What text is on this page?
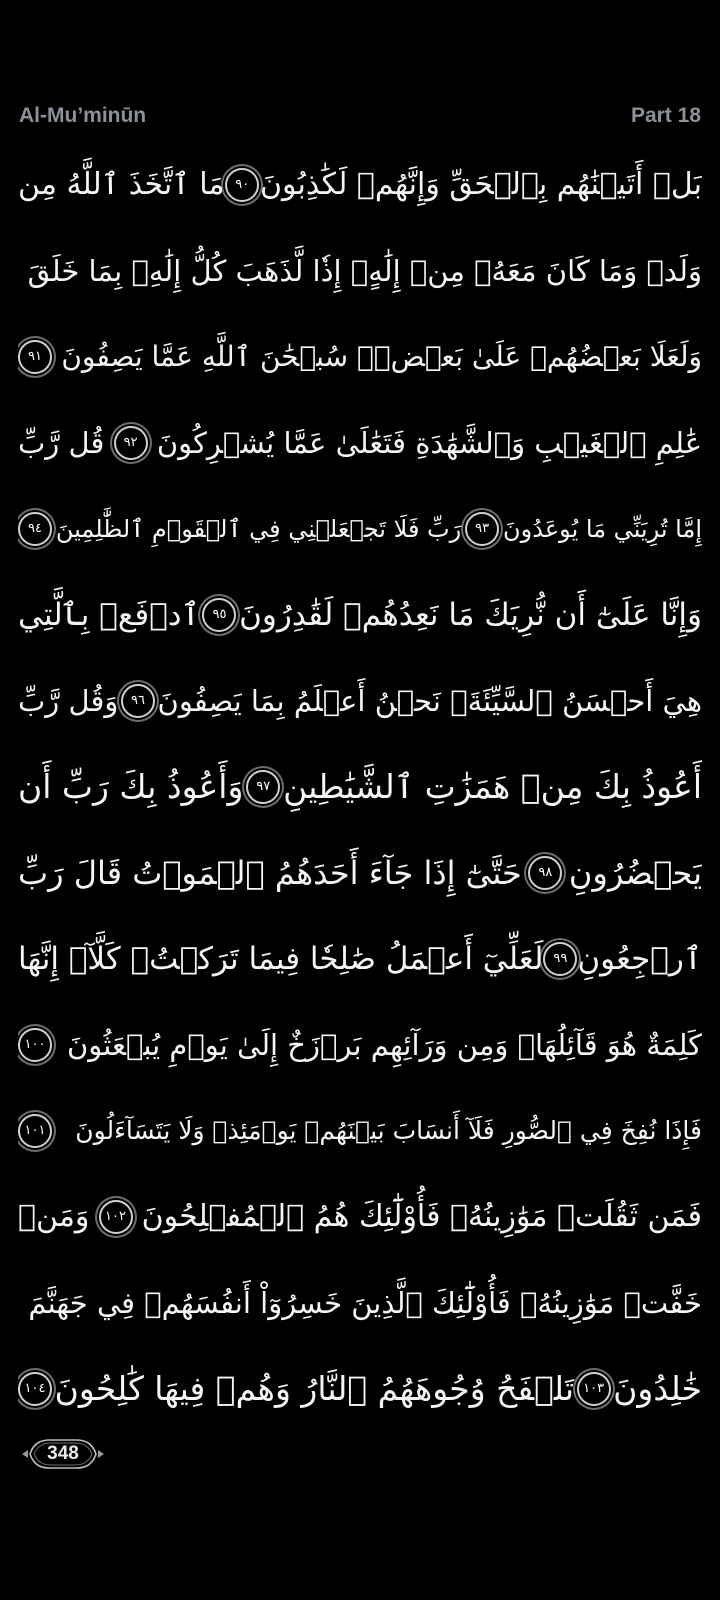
Al-Mu’minūn	Part 18
بَلۡ أَتَيۡنَٰهُم بِٱلۡحَقِّ وَإِنَّهُمۡ لَكَٰذِبُونَ
٩٠
مَا ٱتَّخَذَ ٱللَّهُ مِن
وَلَدٖ وَمَا كَانَ مَعَهُۥ مِنۡ إِلَٰهٍۚ إِذٗا لَّذَهَبَ كُلُّ إِلَٰهِۭ بِمَا خَلَقَ
وَلَعَلَا بَعۡضُهُمۡ عَلَىٰ بَعۡضٖۚ سُبۡحَٰنَ ٱللَّهِ عَمَّا يَصِفُونَ
٩١
عَٰلِمِ ٱلۡغَيۡبِ وَٱلشَّهَٰدَةِ فَتَعَٰلَىٰ عَمَّا يُشۡرِكُونَ
٩٢
قُل رَّبِّ
إِمَّا تُرِيَنِّي مَا يُوعَدُونَ
٩٣
رَبِّ فَلَا تَجۡعَلۡنِي فِي ٱلۡقَوۡمِ ٱلظَّٰلِمِينَ
٩٤
وَإِنَّا عَلَىٰٓ أَن نُّرِيَكَ مَا نَعِدُهُمۡ لَقَٰدِرُونَ
٩٥
ٱدۡفَعۡ بِٱلَّتِي
هِيَ أَحۡسَنُ ٱلسَّيِّئَةَۚ نَحۡنُ أَعۡلَمُ بِمَا يَصِفُونَ
٩٦
وَقُل رَّبِّ
أَعُوذُ بِكَ مِنۡ هَمَزَٰتِ ٱلشَّيَٰطِينِ
٩٧
وَأَعُوذُ بِكَ رَبِّ أَن
يَحۡضُرُونِ
٩٨
حَتَّىٰٓ إِذَا جَآءَ أَحَدَهُمُ ٱلۡمَوۡتُ قَالَ رَبِّ
ٱرۡجِعُونِ
٩٩
لَعَلِّيٓ أَعۡمَلُ صَٰلِحٗا فِيمَا تَرَكۡتُۚ كَلَّآۚ إِنَّهَا
كَلِمَةٌ هُوَ قَآئِلُهَاۖ وَمِن وَرَآئِهِم بَرۡزَخٌ إِلَىٰ يَوۡمِ يُبۡعَثُونَ
١٠٠
فَإِذَا نُفِخَ فِي ٱلصُّورِ فَلَآ أَنسَابَ بَيۡنَهُمۡ يَوۡمَئِذٖ وَلَا يَتَسَآءَلُونَ
١٠١
فَمَن ثَقُلَتۡ مَوَٰزِينُهُۥ فَأُوْلَٰٓئِكَ هُمُ ٱلۡمُفۡلِحُونَ
١٠٢
وَمَنۡ
خَفَّتۡ مَوَٰزِينُهُۥ فَأُوْلَٰٓئِكَ ٱلَّذِينَ خَسِرُوٓاْ أَنفُسَهُمۡ فِي جَهَنَّمَ
خَٰلِدُونَ
١٠٣
تَلۡفَحُ وُجُوهَهُمُ ٱلنَّارُ وَهُمۡ فِيهَا كَٰلِحُونَ
١٠٤
348
